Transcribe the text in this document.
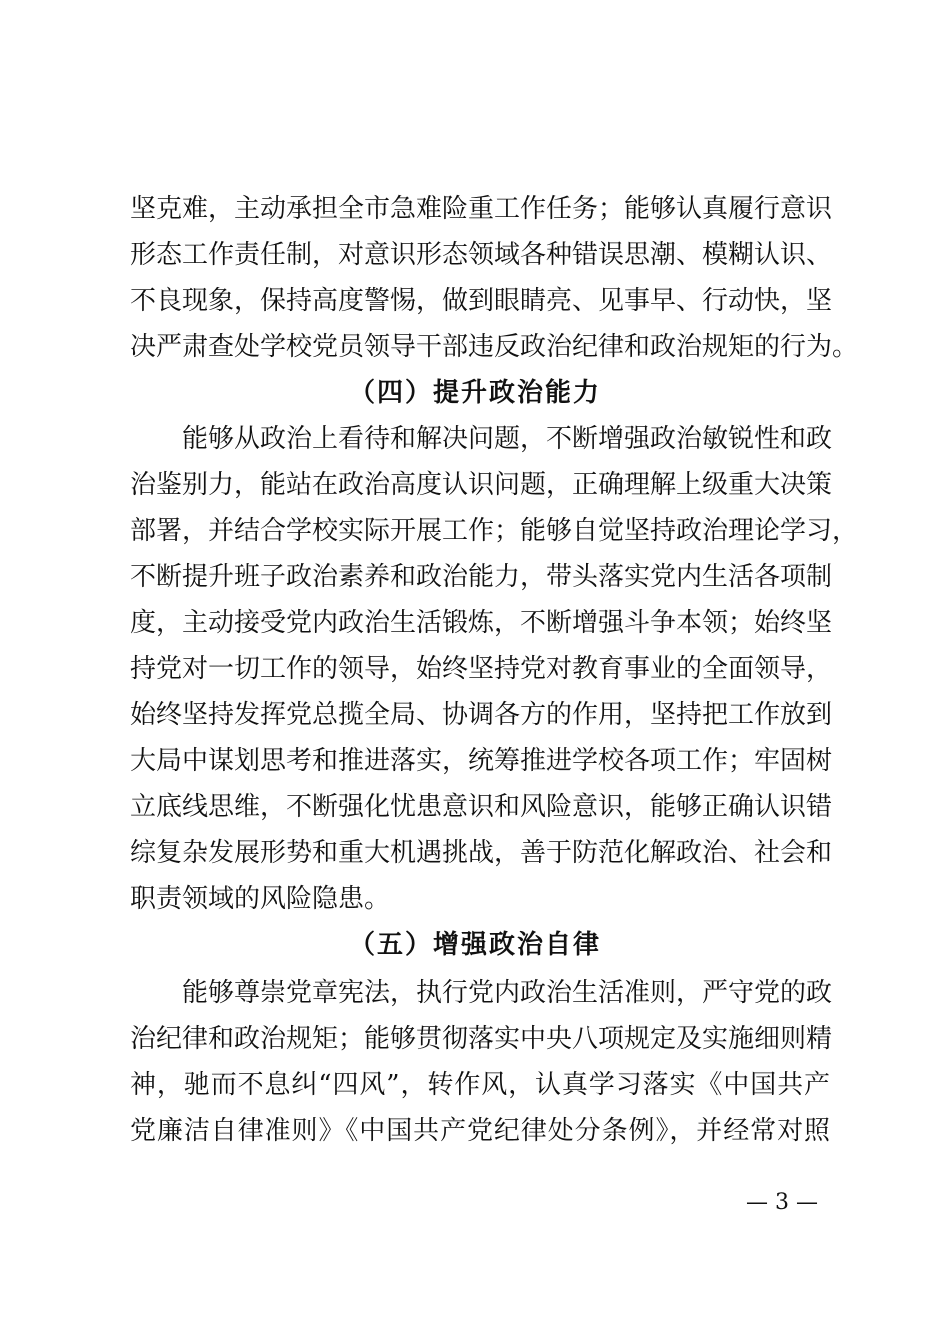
坚克难，主动承担全市急难险重工作任务；能够认真履行意识
形态工作责任制，对意识形态领域各种错误思潮、模糊认识、
不良现象，保持高度警惕，做到眼睛亮、见事早、行动快，坚
决严肃查处学校党员领导干部违反政治纪律和政治规矩的行为。
（四）提升政治能力
能够从政治上看待和解决问题，不断增强政治敏锐性和政
治鉴别力，能站在政治高度认识问题，正确理解上级重大决策
部署，并结合学校实际开展工作；能够自觉坚持政治理论学习，
不断提升班子政治素养和政治能力，带头落实党内生活各项制
度，主动接受党内政治生活锻炼，不断增强斗争本领；始终坚
持党对一切工作的领导，始终坚持党对教育事业的全面领导，
始终坚持发挥党总揽全局、协调各方的作用，坚持把工作放到
大局中谋划思考和推进落实，统筹推进学校各项工作；牢固树
立底线思维，不断强化忧患意识和风险意识，能够正确认识错
综复杂发展形势和重大机遇挑战，善于防范化解政治、社会和
职责领域的风险隐患。
（五）增强政治自律
能够尊崇党章宪法，执行党内政治生活准则，严守党的政
治纪律和政治规矩；能够贯彻落实中央八项规定及实施细则精
神，驰而不息纠“四风”，转作风，认真学习落实《中国共产
党廉洁自律准则》《中国共产党纪律处分条例》，并经常对照
— 3 —
